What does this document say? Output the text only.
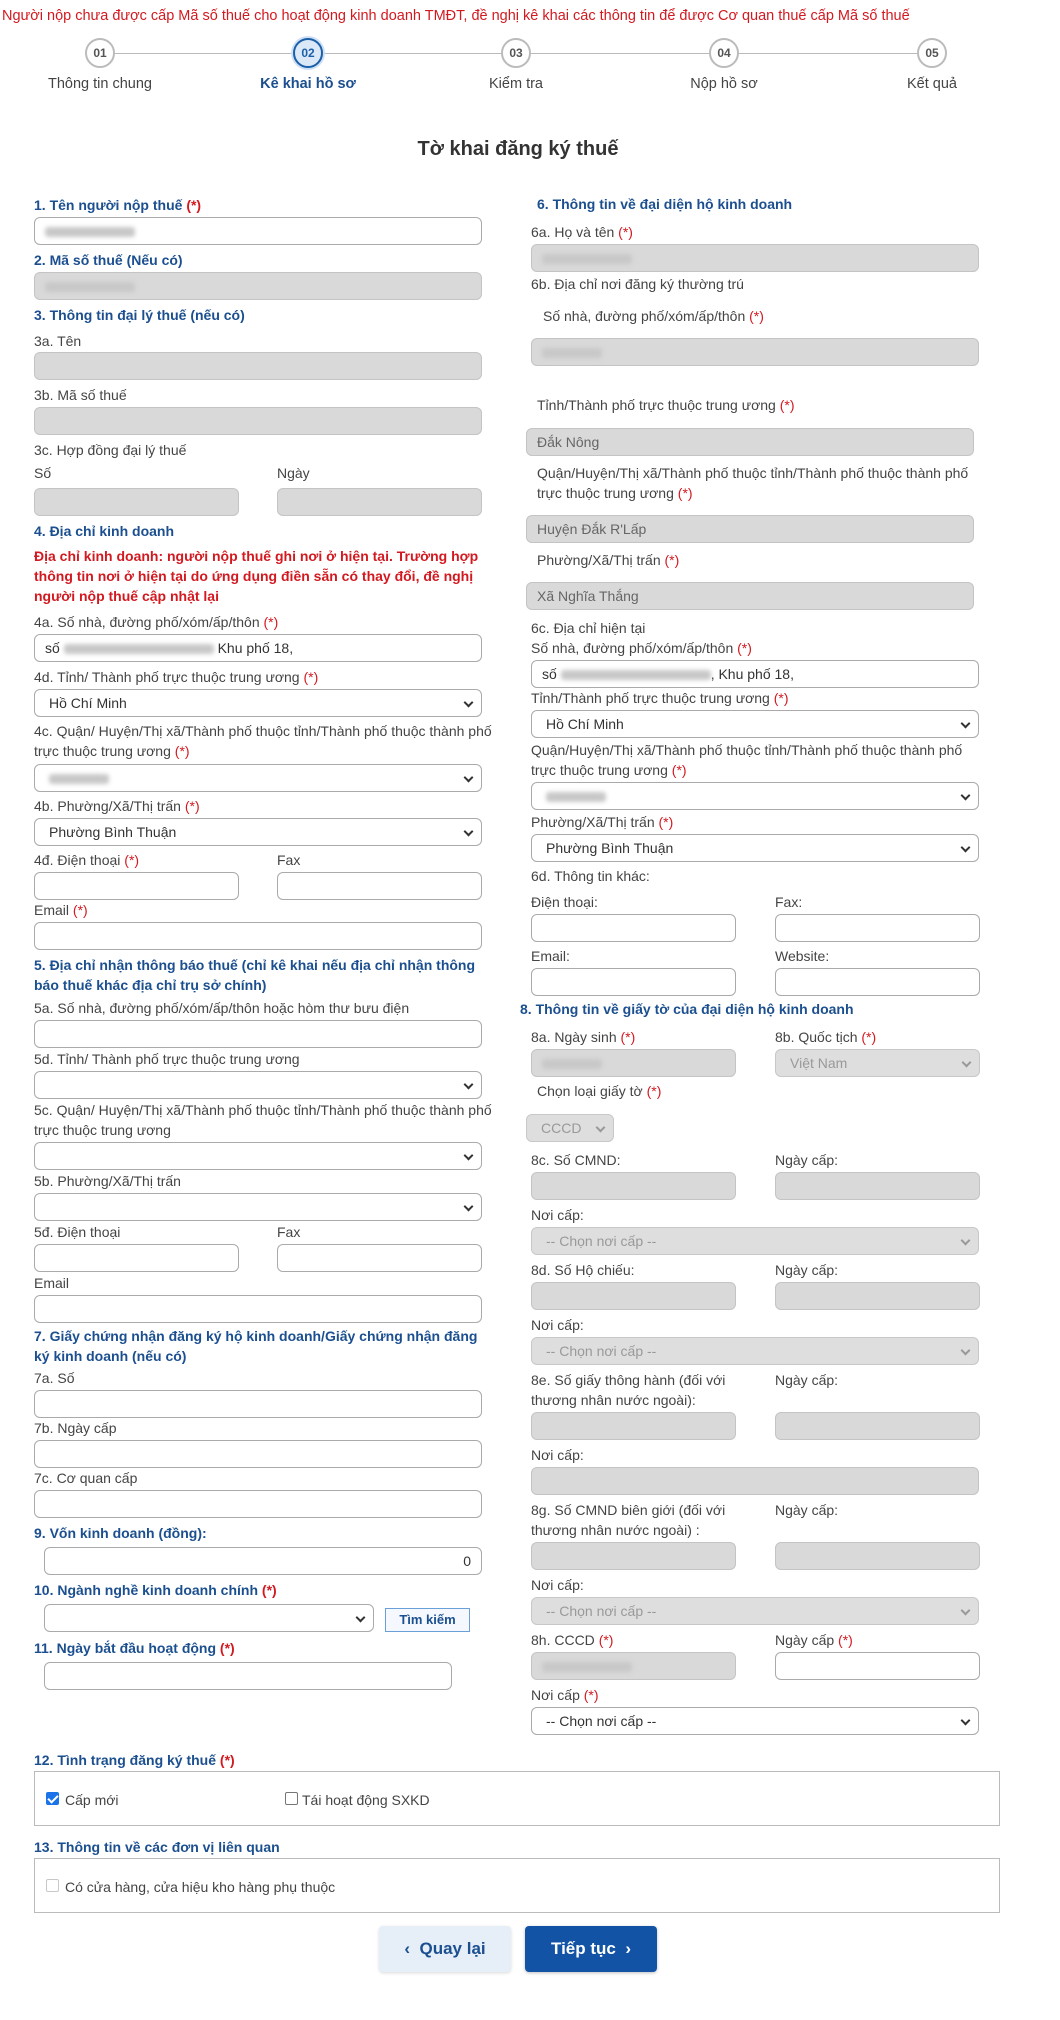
Người nộp chưa được cấp Mã số thuế cho hoạt động kinh doanh TMĐT, đề nghị kê khai các thông tin để được Cơ quan thuế cấp Mã số thuế
01
Thông tin chung
02
Kê khai hồ sơ
03
Kiểm tra
04
Nộp hồ sơ
05
Kết quả
Tờ khai đăng ký thuế
1. Tên người nộp thuế (*)
2. Mã số thuế (Nếu có)
3. Thông tin đại lý thuế (nếu có)
3a. Tên
3b. Mã số thuế
3c. Hợp đồng đại lý thuế
Số	Ngày
4. Địa chỉ kinh doanh
Địa chỉ kinh doanh: người nộp thuế ghi nơi ở hiện tại. Trường hợp thông tin nơi ở hiện tại do ứng dụng điền sẵn có thay đổi, đề nghị người nộp thuế cập nhật lại
4a. Số nhà, đường phố/xóm/ấp/thôn (*)
số	Khu phố 18,
4d. Tỉnh/ Thành phố trực thuộc trung ương (*)
Hồ Chí Minh
4c. Quận/ Huyện/Thị xã/Thành phố thuộc tỉnh/Thành phố thuộc thành phố
trực thuộc trung ương (*)
4b. Phường/Xã/Thị trấn (*)
Phường Bình Thuận
4đ. Điện thoại (*)	Fax
Email (*)
5. Địa chỉ nhận thông báo thuế (chỉ kê khai nếu địa chỉ nhận thông
báo thuế khác địa chỉ trụ sở chính)
5a. Số nhà, đường phố/xóm/ấp/thôn hoặc hòm thư bưu điện
5d. Tỉnh/ Thành phố trực thuộc trung ương
5c. Quận/ Huyện/Thị xã/Thành phố thuộc tỉnh/Thành phố thuộc thành phố
trực thuộc trung ương
5b. Phường/Xã/Thị trấn
5đ. Điện thoại	Fax
Email
7. Giấy chứng nhận đăng ký hộ kinh doanh/Giấy chứng nhận đăng
ký kinh doanh (nếu có)
7a. Số
7b. Ngày cấp
7c. Cơ quan cấp
9. Vốn kinh doanh (đồng):
0
10. Ngành nghề kinh doanh chính (*)
Tìm kiếm
11. Ngày bắt đầu hoạt động (*)
6. Thông tin về đại diện hộ kinh doanh
6a. Họ và tên (*)
6b. Địa chỉ nơi đăng ký thường trú
Số nhà, đường phố/xóm/ấp/thôn (*)
Tỉnh/Thành phố trực thuộc trung ương (*)
Đắk Nông
Quận/Huyện/Thị xã/Thành phố thuộc tỉnh/Thành phố thuộc thành phố
trực thuộc trung ương (*)
Huyện Đắk R'Lấp
Phường/Xã/Thị trấn (*)
Xã Nghĩa Thắng
6c. Địa chỉ hiện tại
Số nhà, đường phố/xóm/ấp/thôn (*)
số	, Khu phố 18,
Tỉnh/Thành phố trực thuộc trung ương (*)
Hồ Chí Minh
Quận/Huyện/Thị xã/Thành phố thuộc tỉnh/Thành phố thuộc thành phố
trực thuộc trung ương (*)
Phường/Xã/Thị trấn (*)
Phường Bình Thuận
6d. Thông tin khác:
Điện thoại:	Fax:
Email:	Website:
8. Thông tin về giấy tờ của đại diện hộ kinh doanh
8a. Ngày sinh (*)	8b. Quốc tịch (*)
Việt Nam
Chọn loại giấy tờ (*)
CCCD
8c. Số CMND:	Ngày cấp:
Nơi cấp:
-- Chọn nơi cấp --
8d. Số Hộ chiếu:	Ngày cấp:
Nơi cấp:
-- Chọn nơi cấp --
8e. Số giấy thông hành (đối với
thương nhân nước ngoài):
Ngày cấp:
Nơi cấp:
8g. Số CMND biên giới (đối với
thương nhân nước ngoài) :
Ngày cấp:
Nơi cấp:
-- Chọn nơi cấp --
8h. CCCD (*)	Ngày cấp (*)
Nơi cấp (*)
-- Chọn nơi cấp --
12. Tình trạng đăng ký thuế (*)
Cấp mới	Tái hoạt động SXKD
13. Thông tin về các đơn vị liên quan
Có cửa hàng, cửa hiệu kho hàng phụ thuộc
‹ Quay lại	Tiếp tục ›
